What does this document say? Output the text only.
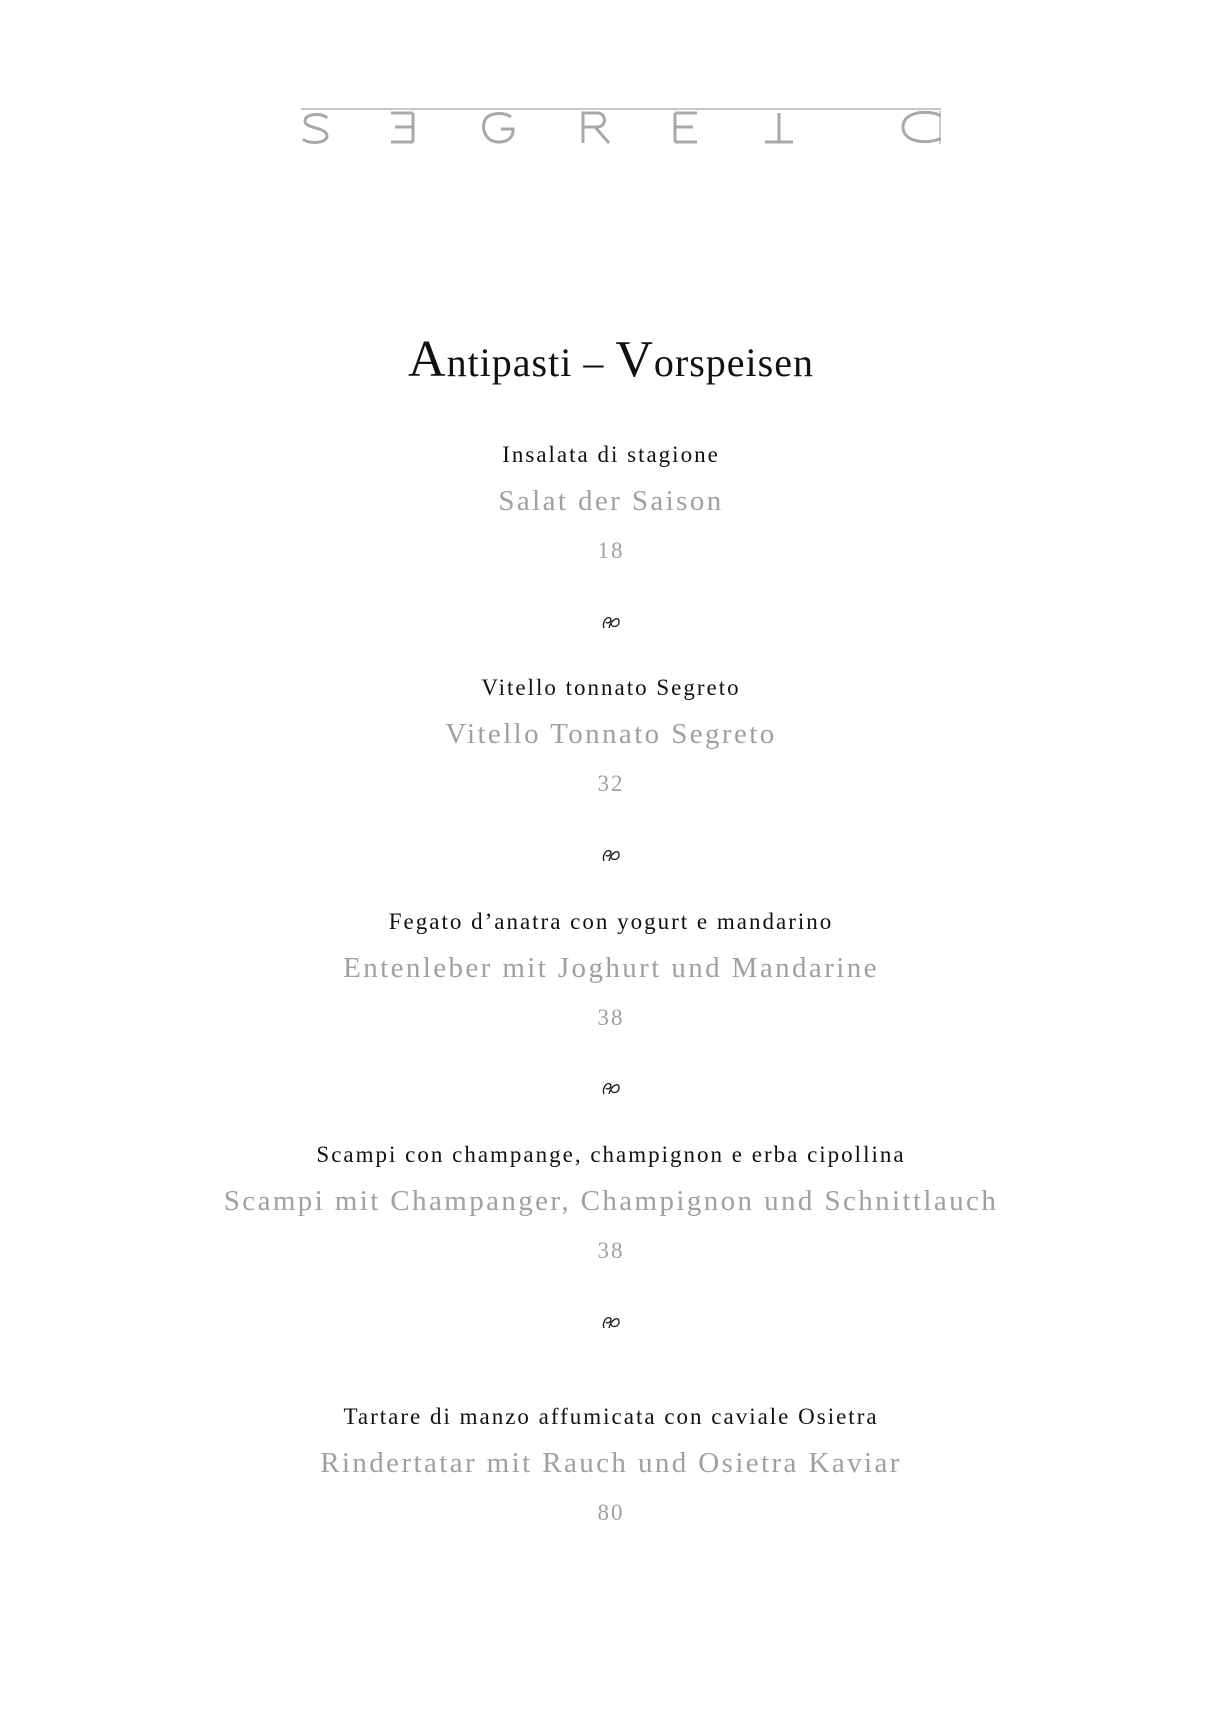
Antipasti – Vorspeisen
Insalata di stagione
Salat der Saison
18
Vitello tonnato Segreto
Vitello Tonnato Segreto
32
Fegato d’anatra con yogurt e mandarino
Entenleber mit Joghurt und Mandarine
38
Scampi con champange, champignon e erba cipollina
Scampi mit Champanger, Champignon und Schnittlauch
38
Tartare di manzo affumicata con caviale Osietra
Rindertatar mit Rauch und Osietra Kaviar
80
